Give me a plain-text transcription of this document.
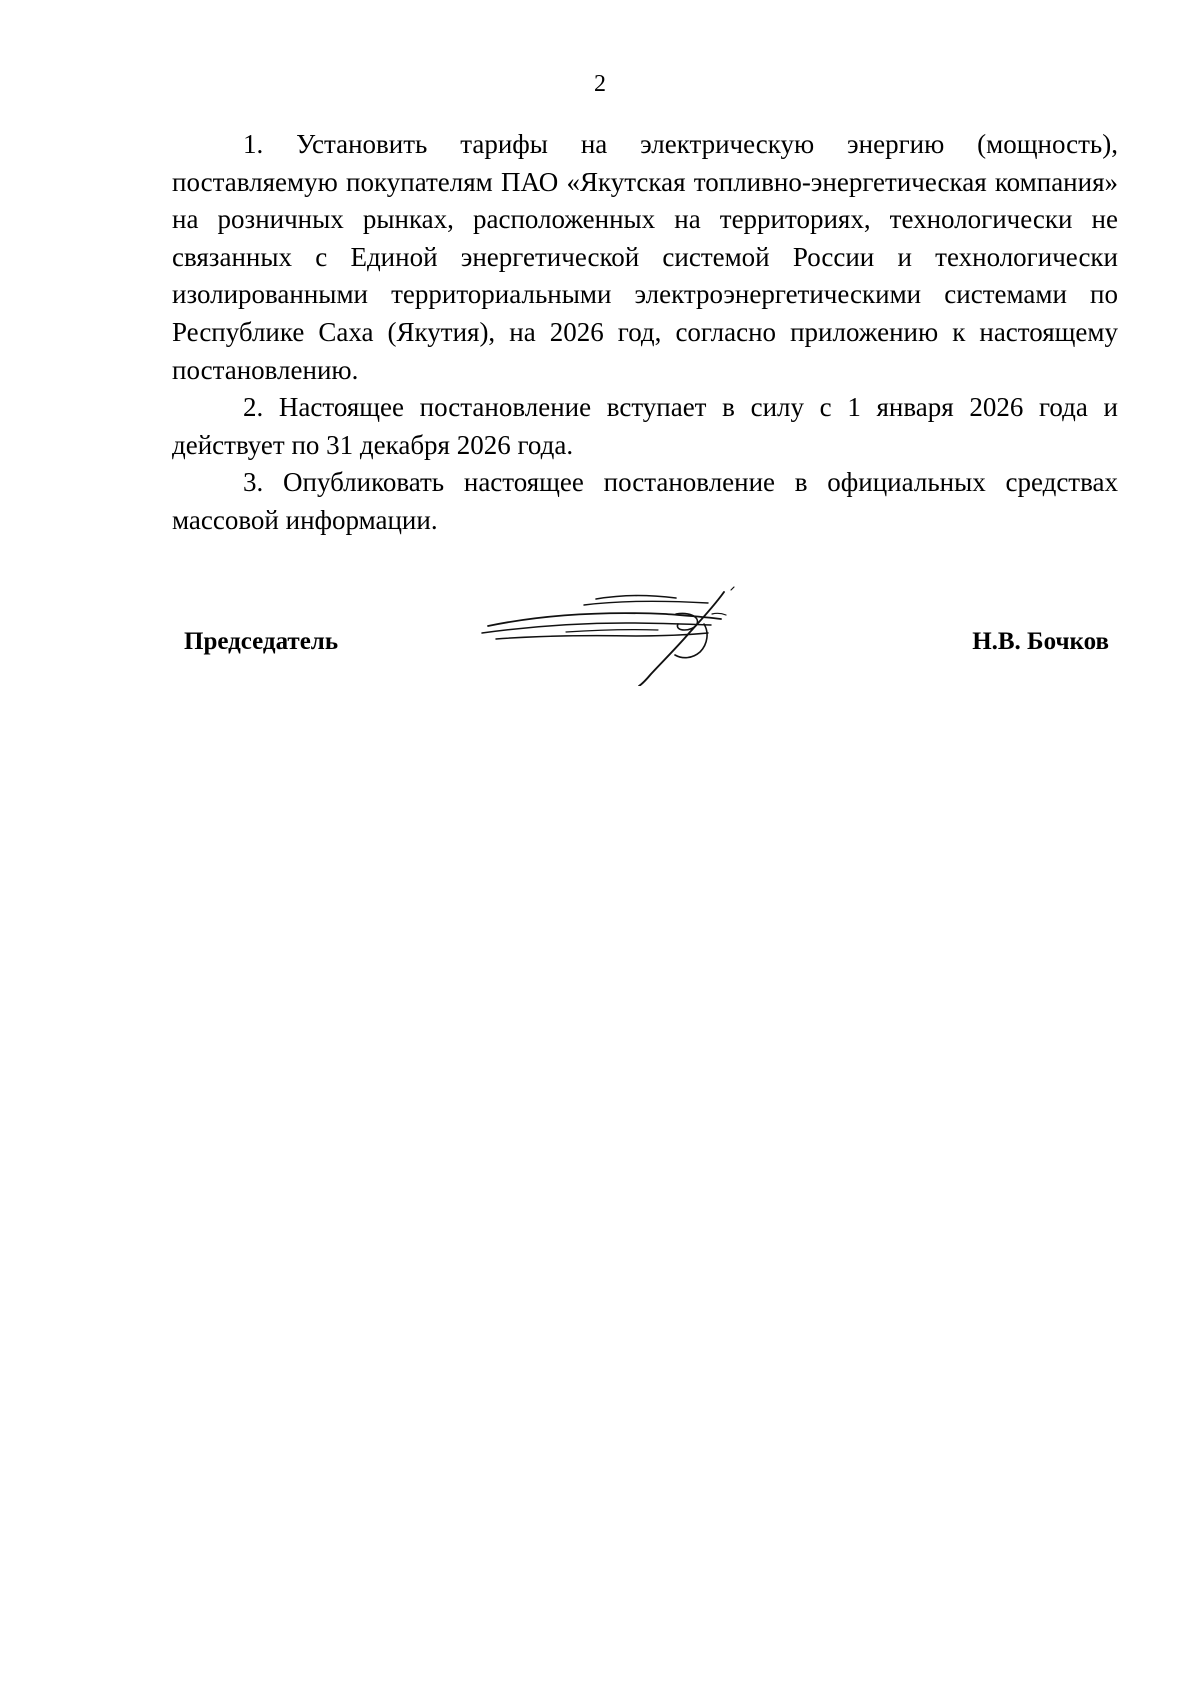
2

1. Установить тарифы на электрическую энергию (мощность), поставляемую покупателям ПАО «Якутская топливно-энергетическая компания» на розничных рынках, расположенных на территориях, технологически не связанных с Единой энергетической системой России и технологически изолированными территориальными электроэнергетическими системами по Республике Саха (Якутия), на 2026 год, согласно приложению к настоящему постановлению.

2. Настоящее постановление вступает в силу с 1 января 2026 года и действует по 31 декабря 2026 года.

3. Опубликовать настоящее постановление в официальных средствах массовой информации.

Председатель	Н.В. Бочков
